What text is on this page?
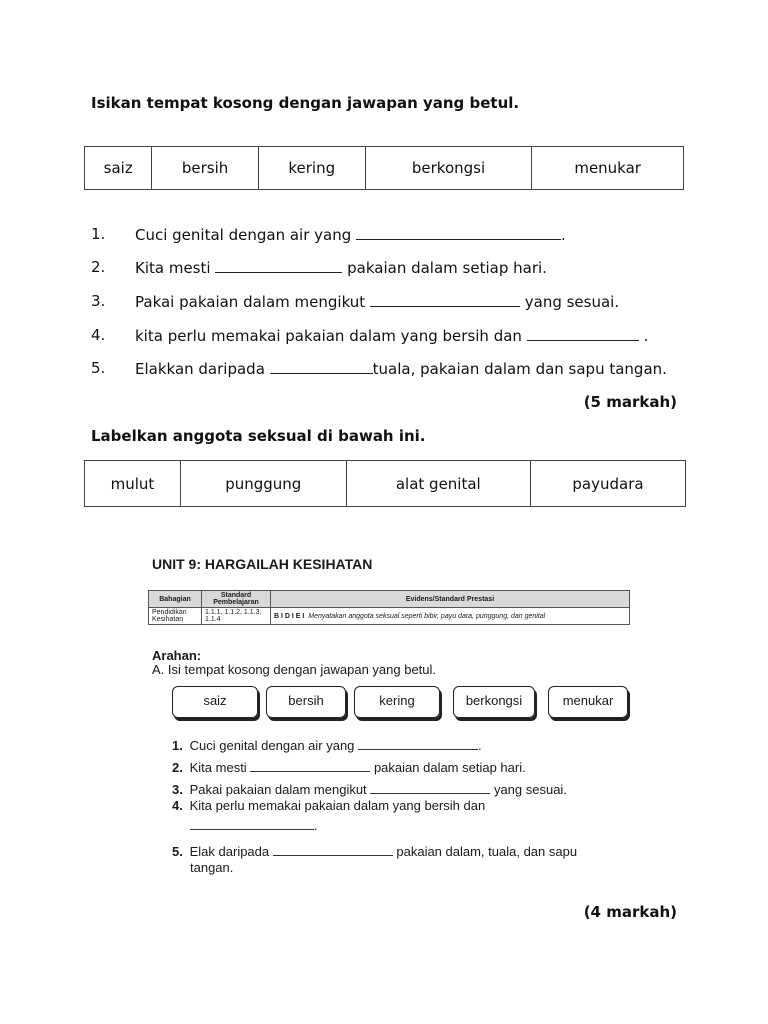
Isikan tempat kosong dengan jawapan yang betul.
saiz	bersih	kering	berkongsi	menukar
1. Cuci genital dengan air yang	.
2. Kita mesti	pakaian dalam setiap hari.
3. Pakai pakaian dalam mengikut	yang sesuai.
4. kita perlu memakai pakaian dalam yang bersih dan	.
5. Elakkan daripada	tuala, pakaian dalam dan sapu tangan.
(5 markah)
Labelkan anggota seksual di bawah ini.
mulut	punggung	alat genital	payudara
UNIT 9: HARGAILAH KESIHATAN
Bahagian	Standard Pembelajaran	Evidens/Standard Prestasi
Pendidikan Kesihatan	1.1.1, 1.1.2, 1.1.3, 1.1.4	B I D I E I Menyatakan anggota seksual seperti bibir, payu dara, punggung, dan genital
Arahan:
A. Isi tempat kosong dengan jawapan yang betul.
saiz	bersih	kering	berkongsi	menukar
1. Cuci genital dengan air yang	.
2. Kita mesti	pakaian dalam setiap hari.
3. Pakai pakaian dalam mengikut	yang sesuai.
4. Kita perlu memakai pakaian dalam yang bersih dan
.
5. Elak daripada	pakaian dalam, tuala, dan sapu
tangan.
(4 markah)
